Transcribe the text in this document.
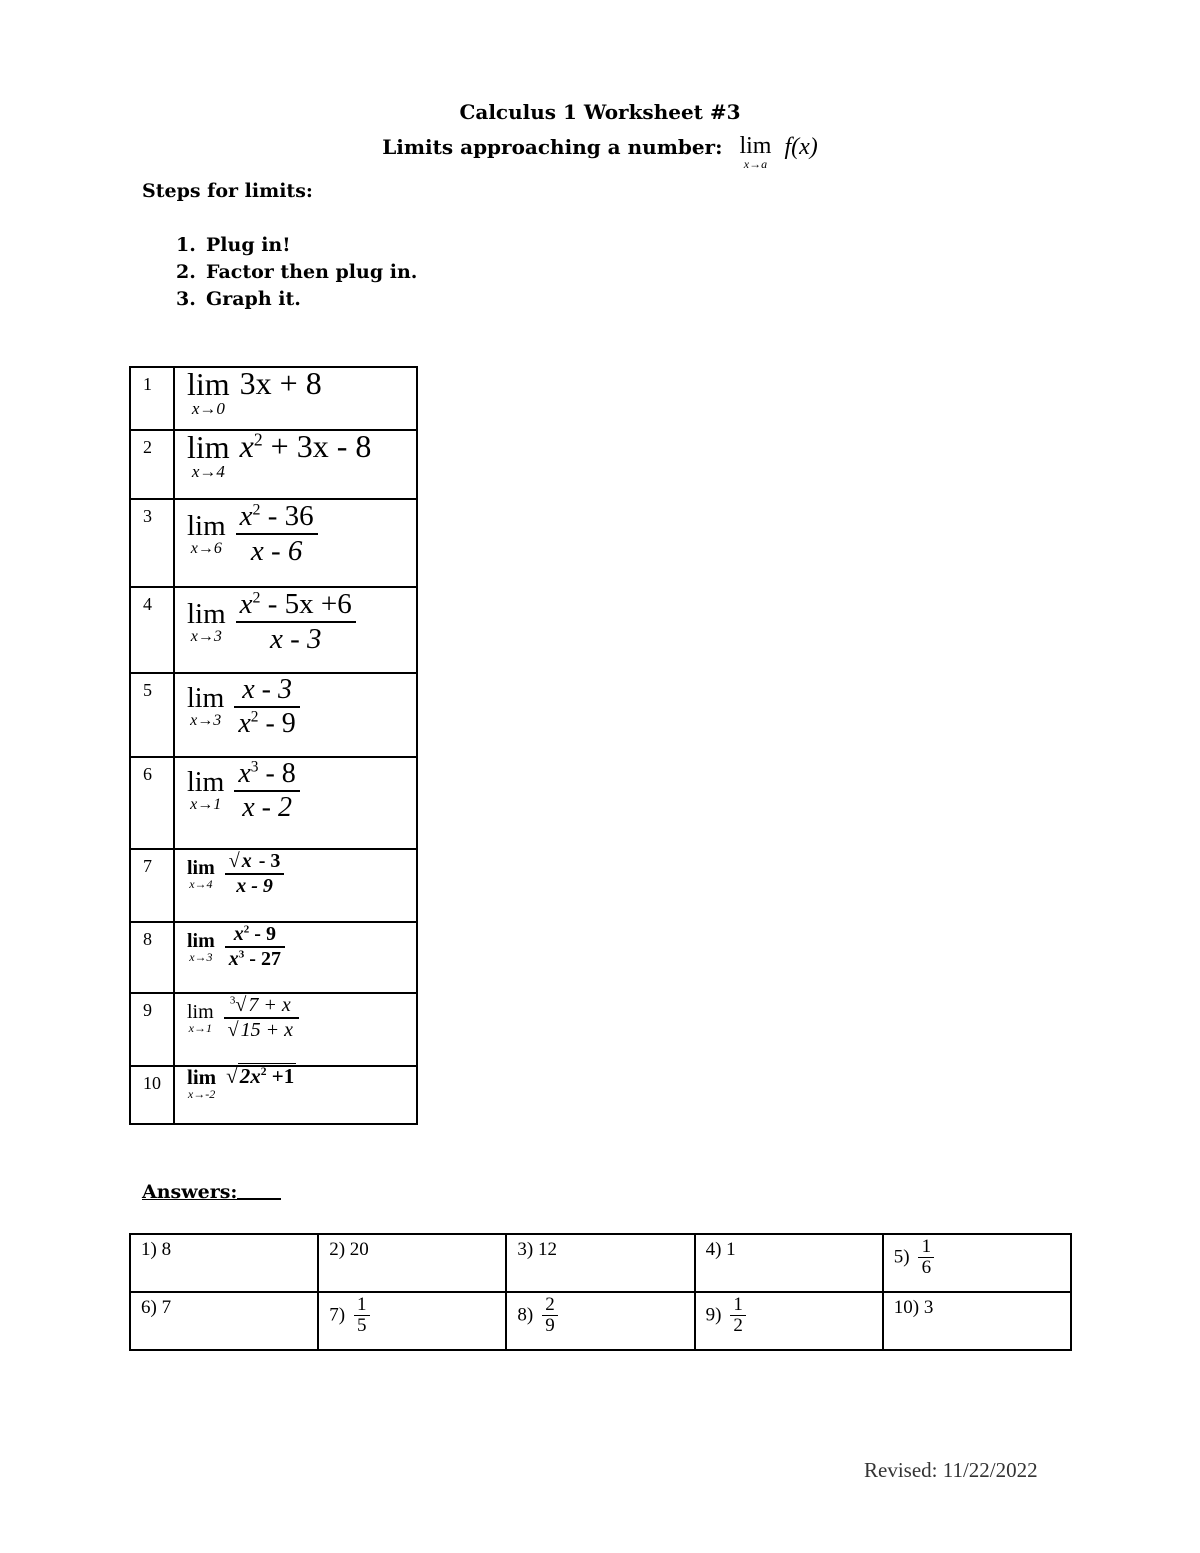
Calculus 1 Worksheet #3
Limits approaching a number: lim
x→a
f(x)
Steps for limits:
1. Plug in!
2. Factor then plug in.
3. Graph it.
1	lim
x→0
3x + 8

2	lim
x→4
$x^2 + 3x - 8$

3	lim
$x\to 6 \frac{x^2 - 36}{x - 6}$

4	lim
$x\to 3 \frac{x^2 - 5x +6}{x - 3}$

5	lim
$x\to 3 \frac{x - 3}{x^2 - 9}$

6	lim
$x\to 1 \frac{x^3 - 8}{x - 2}$

7	lim
$x\to 4 \frac{√ x - 3}{x - 9}$

8	lim
$x\to 3 \frac{x^2 - 9}{x^3 - 27}$

9	lim
$x\to 1 \frac{^3√ 7 + x}{√ 15 + x}$

10	lim
x→-2
$√2x^2 +1$
Answers:
1) 8	2) 20	3) 12	4) 1	$5) \frac{1}{6}$

6) 7	$7) \frac{1}{5}$	$8) \frac{2}{9}$	$9) \frac{1}{2}$	10) 3
Revised: 11/22/2022
